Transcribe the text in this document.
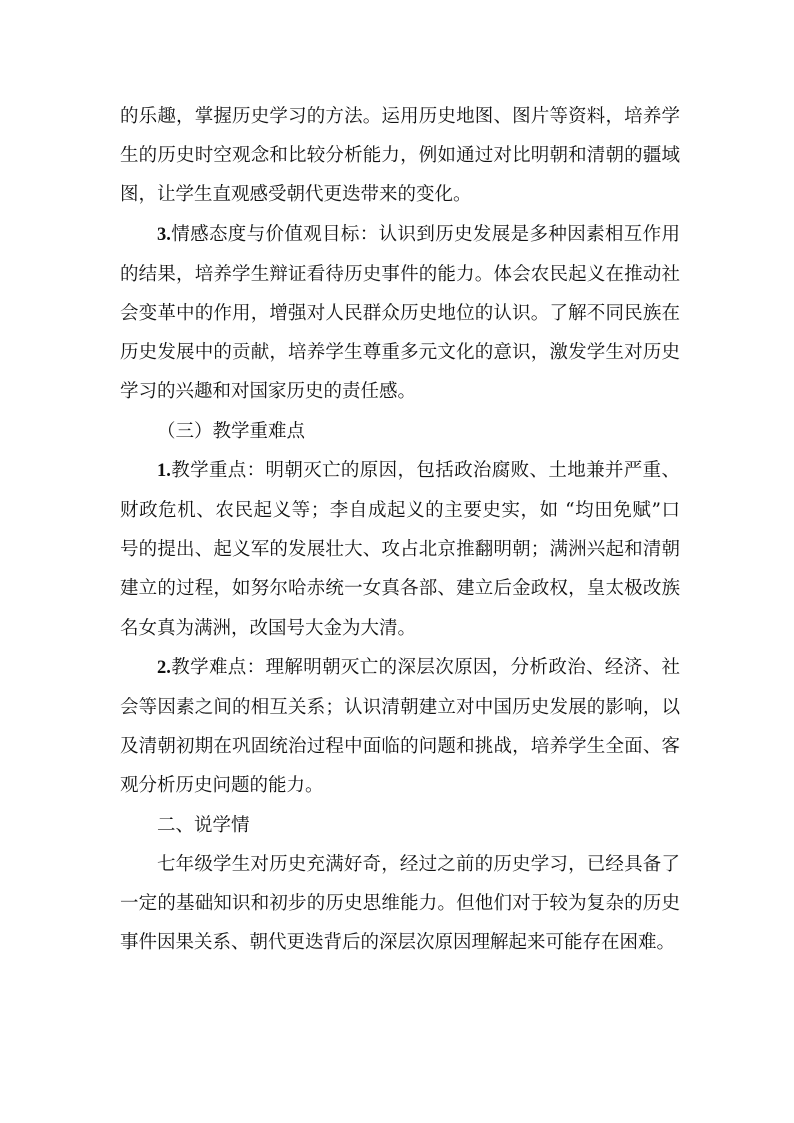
的乐趣，掌握历史学习的方法。运用历史地图、图片等资料，培养学生的历史时空观念和比较分析能力，例如通过对比明朝和清朝的疆域图，让学生直观感受朝代更迭带来的变化。

3.情感态度与价值观目标：认识到历史发展是多种因素相互作用的结果，培养学生辩证看待历史事件的能力。体会农民起义在推动社会变革中的作用，增强对人民群众历史地位的认识。了解不同民族在历史发展中的贡献，培养学生尊重多元文化的意识，激发学生对历史学习的兴趣和对国家历史的责任感。

（三）教学重难点

1.教学重点：明朝灭亡的原因，包括政治腐败、土地兼并严重、财政危机、农民起义等；李自成起义的主要史实，如 “均田免赋”口号的提出、起义军的发展壮大、攻占北京推翻明朝；满洲兴起和清朝建立的过程，如努尔哈赤统一女真各部、建立后金政权，皇太极改族名女真为满洲，改国号大金为大清。

2.教学难点：理解明朝灭亡的深层次原因，分析政治、经济、社会等因素之间的相互关系；认识清朝建立对中国历史发展的影响，以及清朝初期在巩固统治过程中面临的问题和挑战，培养学生全面、客观分析历史问题的能力。

二、说学情

七年级学生对历史充满好奇，经过之前的历史学习，已经具备了一定的基础知识和初步的历史思维能力。但他们对于较为复杂的历史事件因果关系、朝代更迭背后的深层次原因理解起来可能存在困难。
